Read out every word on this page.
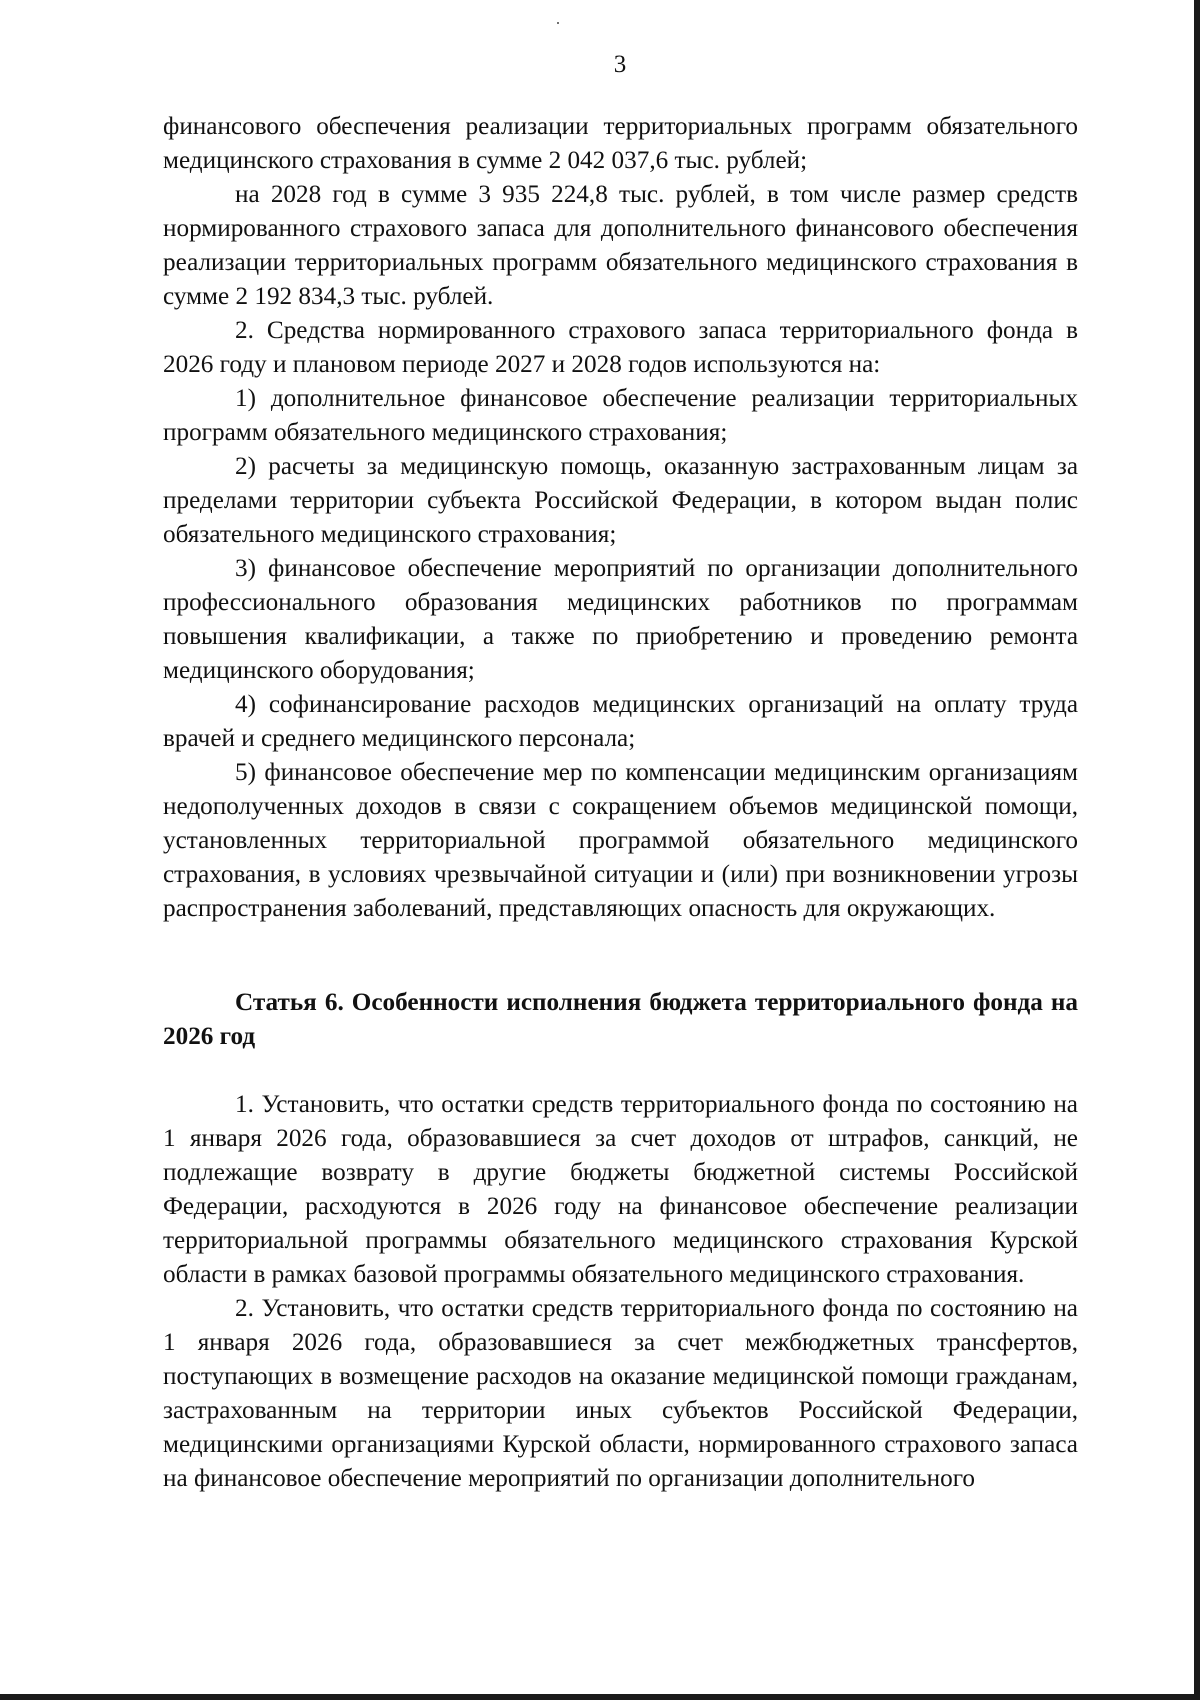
3

финансового обеспечения реализации территориальных программ обязательного медицинского страхования в сумме 2 042 037,6 тыс. рублей;

на 2028 год в сумме 3 935 224,8 тыс. рублей, в том числе размер средств нормированного страхового запаса для дополнительного финансового обеспечения реализации территориальных программ обязательного медицинского страхования в сумме 2 192 834,3 тыс. рублей.

2. Средства нормированного страхового запаса территориального фонда в 2026 году и плановом периоде 2027 и 2028 годов используются на:

1) дополнительное финансовое обеспечение реализации территориальных программ обязательного медицинского страхования;

2) расчеты за медицинскую помощь, оказанную застрахованным лицам за пределами территории субъекта Российской Федерации, в котором выдан полис обязательного медицинского страхования;

3) финансовое обеспечение мероприятий по организации дополнительного профессионального образования медицинских работников по программам повышения квалификации, а также по приобретению и проведению ремонта медицинского оборудования;

4) софинансирование расходов медицинских организаций на оплату труда врачей и среднего медицинского персонала;

5) финансовое обеспечение мер по компенсации медицинским организациям недополученных доходов в связи с сокращением объемов медицинской помощи, установленных территориальной программой обязательного медицинского страхования, в условиях чрезвычайной ситуации и (или) при возникновении угрозы распространения заболеваний, представляющих опасность для окружающих.

Статья 6. Особенности исполнения бюджета территориального фонда на 2026 год

1. Установить, что остатки средств территориального фонда по состоянию на 1 января 2026 года, образовавшиеся за счет доходов от штрафов, санкций, не подлежащие возврату в другие бюджеты бюджетной системы Российской Федерации, расходуются в 2026 году на финансовое обеспечение реализации территориальной программы обязательного медицинского страхования Курской области в рамках базовой программы обязательного медицинского страхования.

2. Установить, что остатки средств территориального фонда по состоянию на 1 января 2026 года, образовавшиеся за счет межбюджетных трансфертов, поступающих в возмещение расходов на оказание медицинской помощи гражданам, застрахованным на территории иных субъектов Российской Федерации, медицинскими организациями Курской области, нормированного страхового запаса на финансовое обеспечение мероприятий по организации дополнительного
